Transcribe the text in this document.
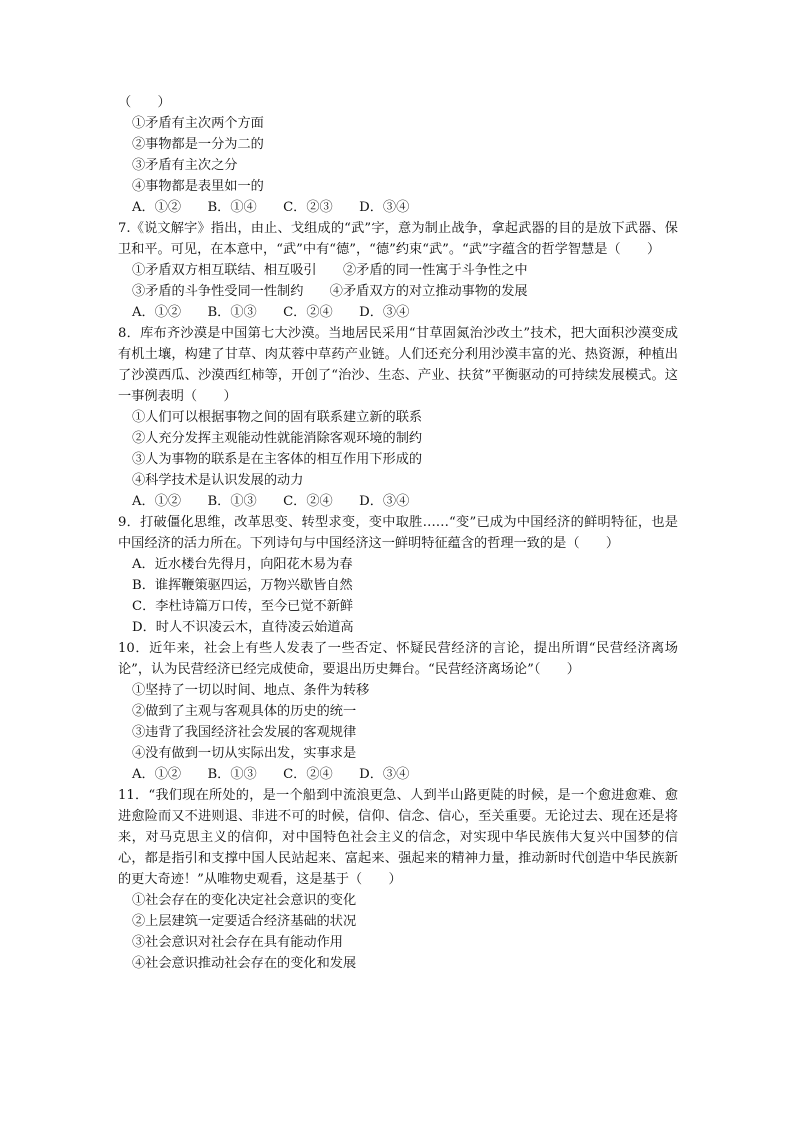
（　　）
①矛盾有主次两个方面
②事物都是一分为二的
③矛盾有主次之分
④事物都是表里如一的
A．①②　　B．①④　　C．②③　　D．③④
7.《说文解字》指出，由止、戈组成的“武”字，意为制止战争，拿起武器的目的是放下武器、保卫和平。可见，在本意中，“武”中有“德”，“德”约束“武”。“武”字蕴含的哲学智慧是（　　）
①矛盾双方相互联结、相互吸引　　②矛盾的同一性寓于斗争性之中
③矛盾的斗争性受同一性制约　　④矛盾双方的对立推动事物的发展
A．①②　　B．①③　　C．②④　　D．③④
8．库布齐沙漠是中国第七大沙漠。当地居民采用“甘草固氮治沙改土”技术，把大面积沙漠变成有机土壤，构建了甘草、肉苁蓉中草药产业链。人们还充分利用沙漠丰富的光、热资源，种植出了沙漠西瓜、沙漠西红柿等，开创了“治沙、生态、产业、扶贫”平衡驱动的可持续发展模式。这一事例表明（　　）
①人们可以根据事物之间的固有联系建立新的联系
②人充分发挥主观能动性就能消除客观环境的制约
③人为事物的联系是在主客体的相互作用下形成的
④科学技术是认识发展的动力
A．①②　　B．①③　　C．②④　　D．③④
9．打破僵化思维，改革思变、转型求变，变中取胜……“变”已成为中国经济的鲜明特征，也是中国经济的活力所在。下列诗句与中国经济这一鲜明特征蕴含的哲理一致的是（　　）
A．近水楼台先得月，向阳花木易为春
B．谁挥鞭策驱四运，万物兴歇皆自然
C．李杜诗篇万口传，至今已觉不新鲜
D．时人不识凌云木，直待凌云始道高
10．近年来，社会上有些人发表了一些否定、怀疑民营经济的言论，提出所谓“民营经济离场论”，认为民营经济已经完成使命，要退出历史舞台。“民营经济离场论”（　　）
①坚持了一切以时间、地点、条件为转移
②做到了主观与客观具体的历史的统一
③违背了我国经济社会发展的客观规律
④没有做到一切从实际出发，实事求是
A．①②　　B．①③　　C．②④　　D．③④
11．“我们现在所处的，是一个船到中流浪更急、人到半山路更陡的时候，是一个愈进愈难、愈进愈险而又不进则退、非进不可的时候，信仰、信念、信心，至关重要。无论过去、现在还是将来，对马克思主义的信仰，对中国特色社会主义的信念，对实现中华民族伟大复兴中国梦的信心，都是指引和支撑中国人民站起来、富起来、强起来的精神力量，推动新时代创造中华民族新的更大奇迹！”从唯物史观看，这是基于（　　）
①社会存在的变化决定社会意识的变化
②上层建筑一定要适合经济基础的状况
③社会意识对社会存在具有能动作用
④社会意识推动社会存在的变化和发展
